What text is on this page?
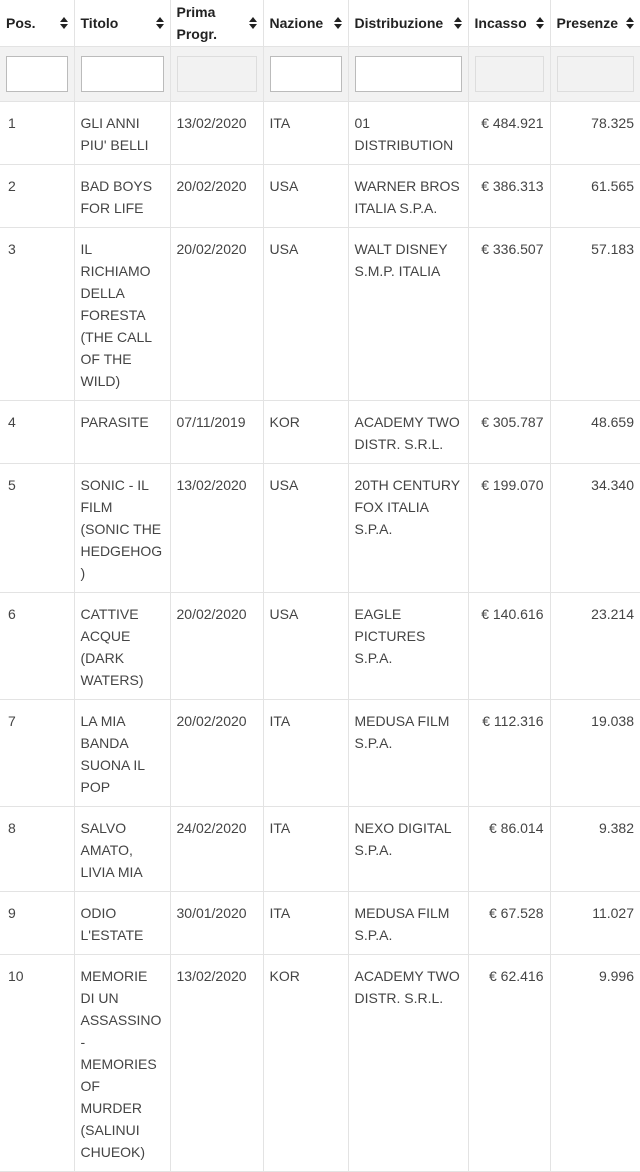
Pos.	Titolo	Prima Progr.	Nazione	Distribuzione	Incasso	Presenze

1	GLI ANNI PIU' BELLI	13/02/2020	ITA	01 DISTRIBUTION	€ 484.921	78.325
2	BAD BOYS FOR LIFE	20/02/2020	USA	WARNER BROS ITALIA S.P.A.	€ 386.313	61.565
3	IL RICHIAMO DELLA FORESTA (THE CALL OF THE WILD)	20/02/2020	USA	WALT DISNEY S.M.P. ITALIA	€ 336.507	57.183
4	PARASITE	07/11/2019	KOR	ACADEMY TWO DISTR. S.R.L.	€ 305.787	48.659
5	SONIC - IL FILM (SONIC THE HEDGEHOG)	13/02/2020	USA	20TH CENTURY FOX ITALIA S.P.A.	€ 199.070	34.340
6	CATTIVE ACQUE (DARK WATERS)	20/02/2020	USA	EAGLE PICTURES S.P.A.	€ 140.616	23.214
7	LA MIA BANDA SUONA IL POP	20/02/2020	ITA	MEDUSA FILM S.P.A.	€ 112.316	19.038
8	SALVO AMATO, LIVIA MIA	24/02/2020	ITA	NEXO DIGITAL S.P.A.	€ 86.014	9.382
9	ODIO L'ESTATE	30/01/2020	ITA	MEDUSA FILM S.P.A.	€ 67.528	11.027
10	MEMORIE DI UN ASSASSINO - MEMORIES OF MURDER (SALINUI CHUEOK)	13/02/2020	KOR	ACADEMY TWO DISTR. S.R.L.	€ 62.416	9.996
